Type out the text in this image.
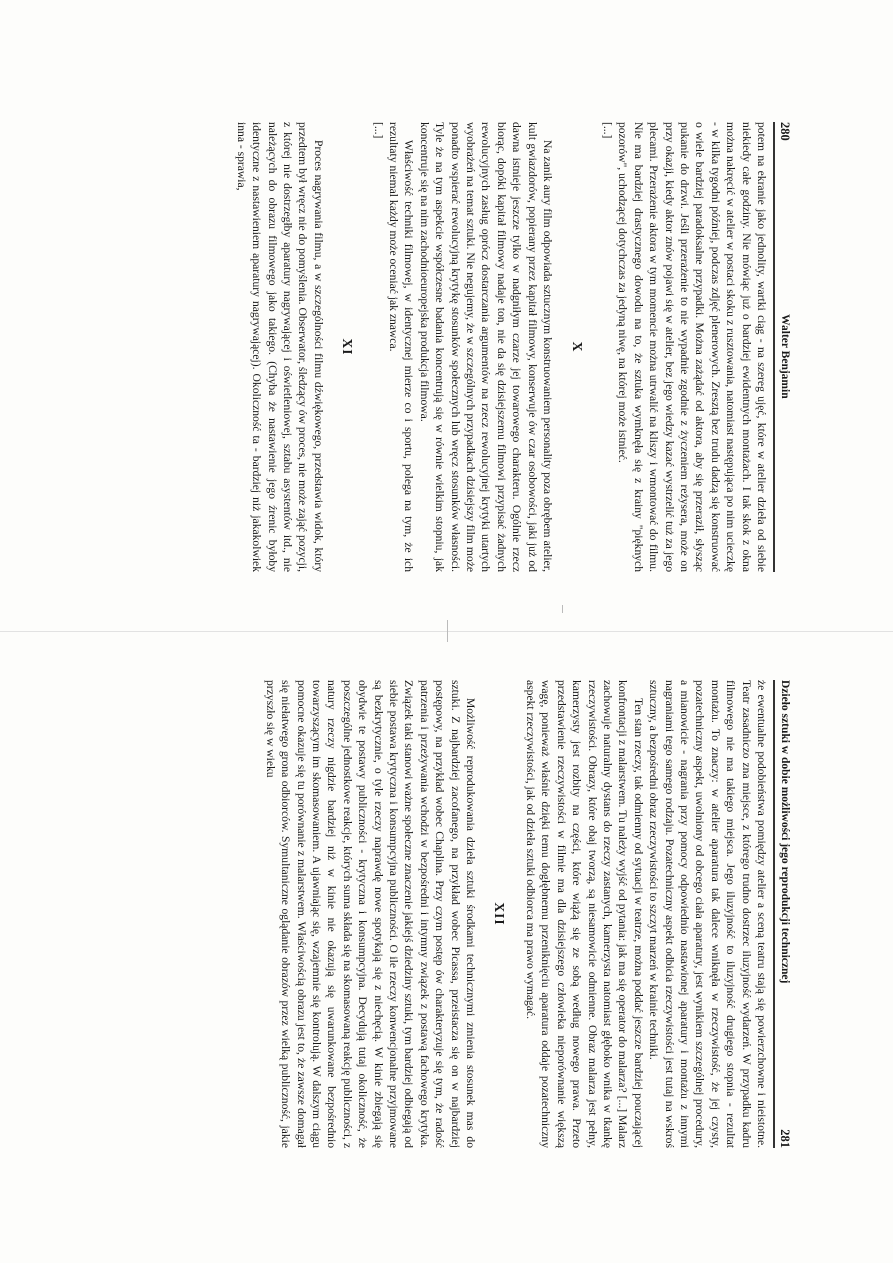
280
Walter Benjamin

potem na ekranie jako jednolity, wartki ciąg - na szereg ujęć, które w atelier dzieła od siebie niekiedy całe godziny. Nie mówiąc już o bardziej ewidentnych montażach. I tak skok z okna można nakręcić w atelier w postaci skoku z rusztowania, natomiast następująca po nim ucieczkę - w kilka tygodni później, podczas zdjęć plenerowych. Zresztą bez trudu dadzą się konstruować o wiele bardziej paradoksalne przypadki. Można zażądać od aktora, aby się przeraził, słysząc pukanie do drzwi. Jeśli przerażenie to nie wypadnie zgodnie z życzeniem reżysera, może on przy okazji, kiedy aktor znów pojawi się w atelier, bez jego wiedzy kazać wystrzelić tuż za jego plecami. Przerażenie aktora w tym momencie można utrwalić na kliszy i wmontować do filmu. Nie ma bardziej drastycznego dowodu na to, że sztuka wymknęła się z krainy "pięknych pozorów", uchodzącej dotychczas za jedyną niwę, na której może istnieć.

[...]

X

Na zanik aury film odpowiada sztucznym konstruowaniem personality poza obrębem atelier, kult gwiazdorów, popierany przez kapitał filmowy, konserwuje ów czar osobowości, jaki już od dawna istnieje jeszcze tylko w nadgniłym czarze jej towarowego charakteru. Ogólnie rzecz biorąc, dopóki kapitał filmowy nadaje ton, nie da się dzisiejszemu filmowi przypisać żadnych rewolucyjnych zasług oprócz dostarczania argumentów na rzecz rewolucyjnej krytyki utartych wyobrażeń na temat sztuki. Nie negujemy, że w szczególnych przypadkach dzisiejszy film może ponadto wspierać rewolucyjną krytykę stosunków społecznych lub wręcz stosunków własności. Tyle że na tym aspekcie współczesne badania koncentrują się w równie wielkim stopniu, jak koncentruje się na nim zachodnioeuropejska produkcja filmowa.

Właściwość techniki filmowej, w identycznej mierze co i sportu, polega na tym, że ich rezultaty niemal każdy może oceniać jak znawca.

[...]

XI

Proces nagrywania filmu, a w szczególności filmu dźwiękowego, przedstawia widok, który przedtem był wręcz nie do pomyślenia. Obserwator, śledzący ów proces, nie może zająć pozycji, z której nie dostrzegłby aparatury nagrywającej i oświetleniowej, sztabu asystentów itd., nie należących do obrazu filmowego jako takiego. (Chyba że nastawienie jego źrenic byłoby identyczne z nastawieniem aparatury nagrywającej). Okoliczność ta - bardziej niż jakakolwiek inna - sprawia,

Dzieło sztuki w dobie możliwości jego reprodukcji technicznej
281

że ewentualne podobieństwa pomiędzy atelier a sceną teatru stają się powierzchowne i nieistotne. Teatr zasadniczo zna miejsce, z którego trudno dostrzec iluzyjność wydarzeń. W przypadku kadru filmowego nie ma takiego miejsca. Jego iluzyjność to iluzyjność drugiego stopnia - rezultat montażu. To znaczy: w atelier aparatura tak dalece wniknęła w rzeczywistość, że jej czysty, pozatechniczny aspekt, uwolniony od obcego ciała aparatury, jest wynikiem szczególnej procedury, a mianowicie - nagrania przy pomocy odpowiednio nastawionej aparatury i montażu z innymi nagraniami tego samego rodzaju. Pozatechniczny aspekt odbicia rzeczywistości jest tutaj na wskroś sztuczny, a bezpośredni obraz rzeczywistości to szczyt marzeń w krainie techniki.

Ten stan rzeczy, tak odmienny od sytuacji w teatrze, można poddać jeszcze bardziej pouczającej konfrontacji z malarstwem. Tu należy wyjść od pytania: jak ma się operator do malarza? [...] Malarz zachowuje naturalny dystans do rzeczy zastanych, kamerzysta natomiast głęboko wnika w tkankę rzeczywistości. Obrazy, które obaj tworzą, są niesamowicie odmienne. Obraz malarza jest pełny, kamerzysty jest rozbity na części, które wiążą się ze sobą według nowego prawa. Przeto przedstawienie rzeczywistości w filmie ma dla dzisiejszego człowieka nieporównanie większą wagę, ponieważ właśnie dzięki temu dogłębnemu przeniknięciu aparatura oddaje pozatechniczny aspekt rzeczywistości, jak od dzieła sztuki odbiorca ma prawo wymagać.

XII

Możliwość reprodukowania dzieła sztuki środkami technicznymi zmienia stosunek mas do sztuki. Z najbardziej zacofanego, na przykład wobec Picassa, przeistacza się on w najbardziej postępowy, na przykład wobec Chaplina. Przy czym postęp ów charakteryzuje się tym, że radość patrzenia i przeżywania wchodzi w bezpośredni i intymny związek z postawą fachowego krytyka. Związek taki stanowi ważne społeczne znaczenie jakiejś dziedziny sztuki, tym bardziej odbiegają od siebie postawa krytyczna i konsumpcyjna publiczności. O ile rzeczy konwencjonalne przyjmowane są bezkrytycznie, o tyle rzeczy naprawdę nowe spotykają się z niechęcią. W kinie zbiegają się obydwie te postawy publiczności - krytyczna i konsumpcyjna. Decydują tutaj okoliczność, że poszczególne jednostkowe reakcje, których suma składa się na skomasowaną reakcję publiczności, z natury rzeczy nigdzie bardziej niż w kinie nie okazują się uwarunkowane bezpośrednio towarzyszącym im skomasowaniem. A ujawniając się, wzajemnie się kontrolują. W dalszym ciągu pomocne okazuje się tu porównanie z malarstwem. Właściwością obrazu jest to, że zawsze domagał się niełatwego grona odbiorców. Symultaniczne oglądanie obrazów przez wielką publiczność, jakie przyszło się w wieku
